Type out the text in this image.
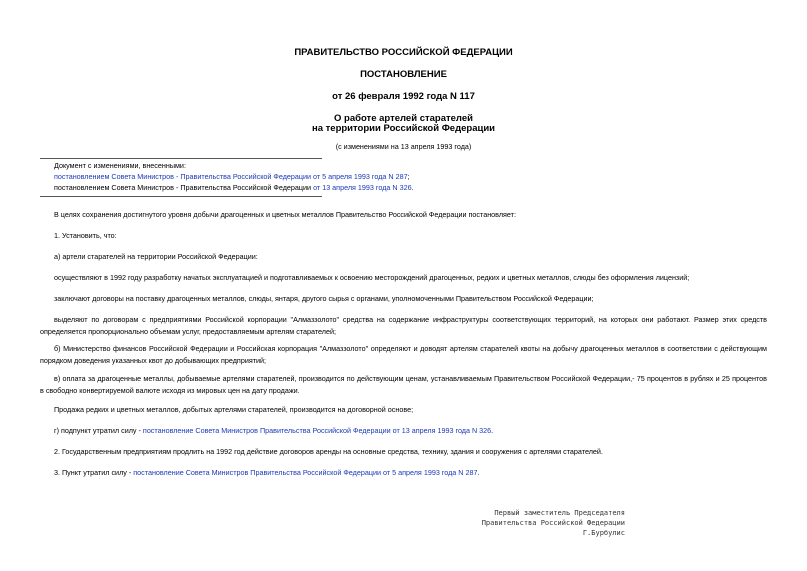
ПРАВИТЕЛЬСТВО РОССИЙСКОЙ ФЕДЕРАЦИИ
ПОСТАНОВЛЕНИЕ
от 26 февраля 1992 года N 117
О работе артелей старателей
на территории Российской Федерации
(с изменениями на 13 апреля 1993 года)
Документ с изменениями, внесенными:
постановлением Совета Министров - Правительства Российской Федерации от 5 апреля 1993 года N 287;
постановлением Совета Министров - Правительства Российской Федерации от 13 апреля 1993 года N 326.
В целях сохранения достигнутого уровня добычи драгоценных и цветных металлов Правительство Российской Федерации постановляет:
1. Установить, что:
а) артели старателей на территории Российской Федерации:
осуществляют в 1992 году разработку начатых эксплуатацией и подготавливаемых к освоению месторождений драгоценных, редких и цветных металлов, слюды без оформления лицензий;
заключают договоры на поставку драгоценных металлов, слюды, янтаря, другого сырья с органами, уполномоченными Правительством Российской Федерации;
выделяют по договорам с предприятиями Российской корпорации "Алмаззолото" средства на содержание инфраструктуры соответствующих территорий, на которых они работают. Размер этих средств определяется пропорционально объемам услуг, предоставляемым артелям старателей;
б) Министерство финансов Российской Федерации и Российская корпорация "Алмаззолото" определяют и доводят артелям старателей квоты на добычу драгоценных металлов в соответствии с действующим порядком доведения указанных квот до добывающих предприятий;
в) оплата за драгоценные металлы, добываемые артелями старателей, производится по действующим ценам, устанавливаемым Правительством Российской Федерации,- 75 процентов в рублях и 25 процентов в свободно конвертируемой валюте исходя из мировых цен на дату продажи.
Продажа редких и цветных металлов, добытых артелями старателей, производится на договорной основе;
г) подпункт утратил силу - постановление Совета Министров Правительства Российской Федерации от 13 апреля 1993 года N 326.
2. Государственным предприятиям продлить на 1992 год действие договоров аренды на основные средства, технику, здания и сооружения с артелями старателей.
3. Пункт утратил силу - постановление Совета Министров Правительства Российской Федерации от 5 апреля 1993 года N 287.
Первый заместитель Председателя
Правительства Российской Федерации
Г.Бурбулис
